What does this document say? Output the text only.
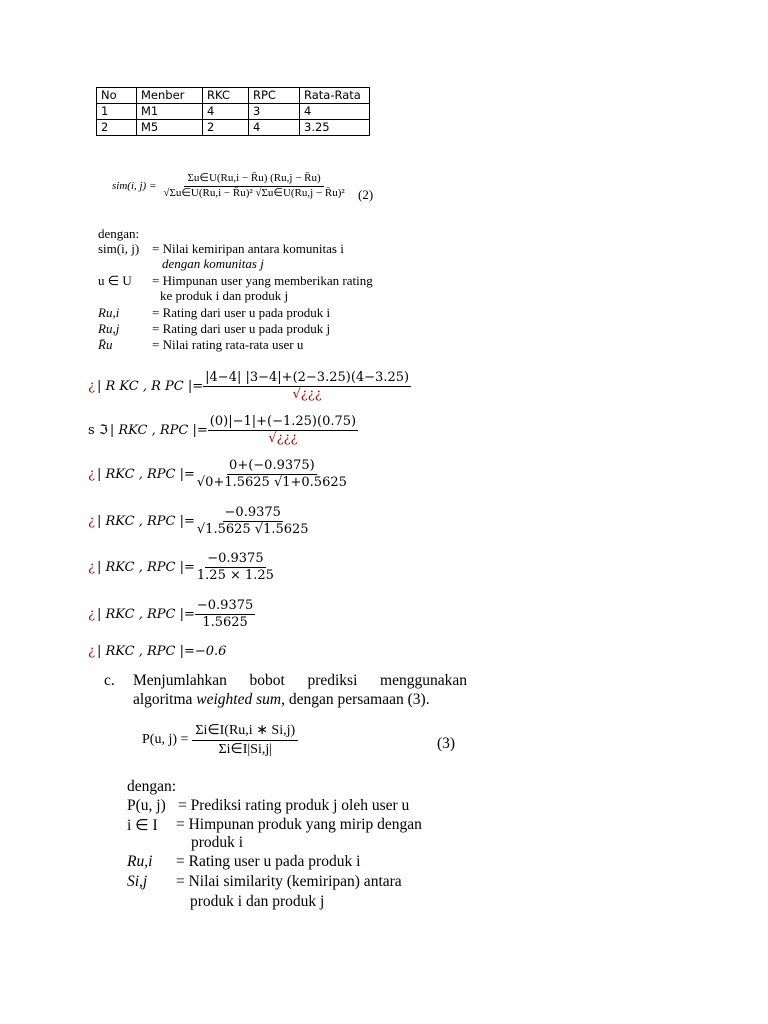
No	Menber	RKC	RPC	Rata-Rata
1	M1	4	3	4
2	M5	2	4	3.25
sim(i, $j) = \frac{\Sigma u\in U(Ru,i - R̄u) (Ru,j - R̄u)}{\text{√Σu∈U(Ru,i − R̄u)² √Σu∈U(Ru,j − R̄u)²}} (2)$
dengan:
sim(i, j) = Nilai kemiripan antara komunitas i
dengan komunitas j
u ∈ U = Himpunan user yang memberikan rating
ke produk i dan produk j
Ru,i	= Rating dari user u pada produk i
Ru,j	= Rating dari user u pada produk j
R̄u	= Nilai rating rata-rata user u
¿ | R KC , R PC |= $\frac{|4-4| |3-4|+(2-3.25)(4-3.25)}{√¿¿¿}$
s ℑ | RKC , RPC |= $\frac{(0)|-1|+(-1.25)(0.75)}{√¿¿¿}$
¿ | RKC , RPC |= $\frac{0+(-0.9375)}{√0+1.5625 √1+0.5625}$
¿ | RKC , RPC |= $\frac{-0.9375}{√1.5625 √1.5625}$
¿ | RKC , RPC |= $\frac{-0.9375}{1.25 \times 1.25}$
¿ | RKC , RPC |= $\frac{-0.9375}{1.5625}$
¿ | RKC , RPC |=−0.6
c. Menjumlahkan bobot prediksi menggunakan
algoritma weighted sum, dengan persamaan (3).
P(u, $j) = \frac{\Sigma i\in I(Ru,i ∗ Si,j)}{\Sigma i\in I|Si,j|}$	(3)
dengan:
P(u, j) = Prediksi rating produk j oleh user u
i ∈ I = Himpunan produk yang mirip dengan
produk i
Ru,i = Rating user u pada produk i
Si,j = Nilai similarity (kemiripan) antara
produk i dan produk j
